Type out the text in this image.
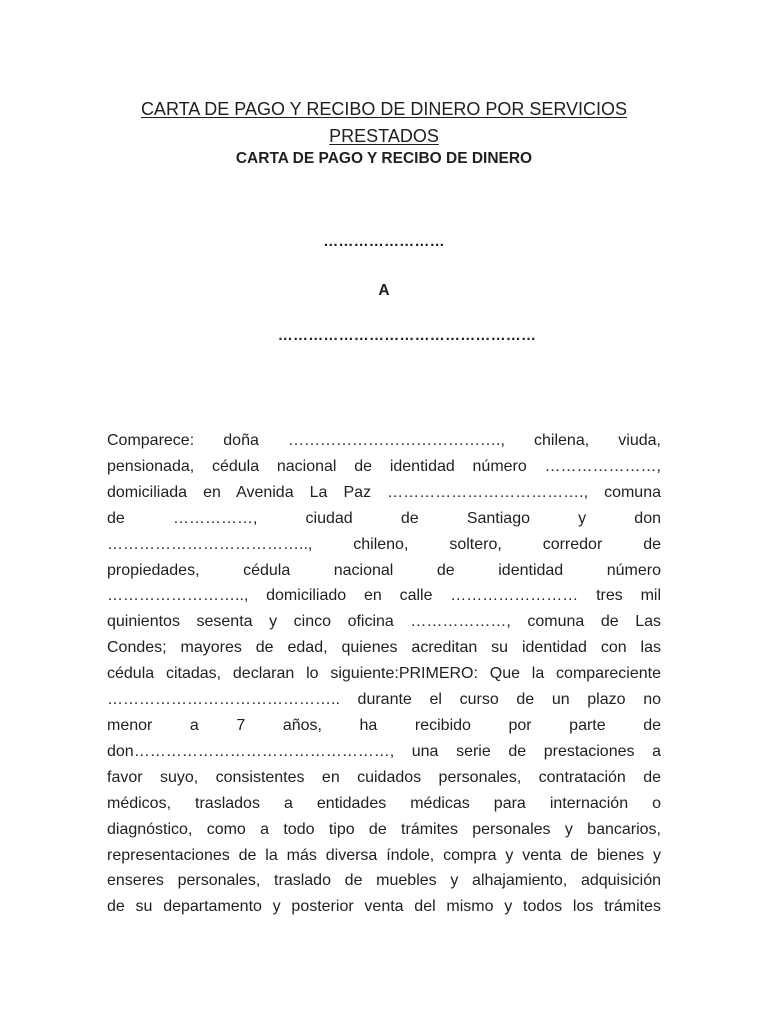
CARTA DE PAGO Y RECIBO DE DINERO POR SERVICIOS PRESTADOS
CARTA DE PAGO Y RECIBO DE DINERO
……………………
A
……………………………………………
Comparece: doña …………………………………., chilena, viuda,
pensionada, cédula nacional de identidad número …………………,
domiciliada en Avenida La Paz ………………………………., comuna
de ……………, ciudad de Santiago y don
……………………………….., chileno, soltero, corredor de
propiedades, cédula nacional de identidad número
…………………….., domiciliado en calle …………………… tres mil
quinientos sesenta y cinco oficina ………………, comuna de Las
Condes; mayores de edad, quienes acreditan su identidad con las
cédula citadas, declaran lo siguiente:PRIMERO: Que la compareciente
…………………………………….. durante el curso de un plazo no
menor a 7 años, ha recibido por parte de
don…………………………………………, una serie de prestaciones a
favor suyo, consistentes en cuidados personales, contratación de
médicos, traslados a entidades médicas para internación o
diagnóstico, como a todo tipo de trámites personales y bancarios,
representaciones de la más diversa índole, compra y venta de bienes y
enseres personales, traslado de muebles y alhajamiento, adquisición
de su departamento y posterior venta del mismo y todos los trámites
